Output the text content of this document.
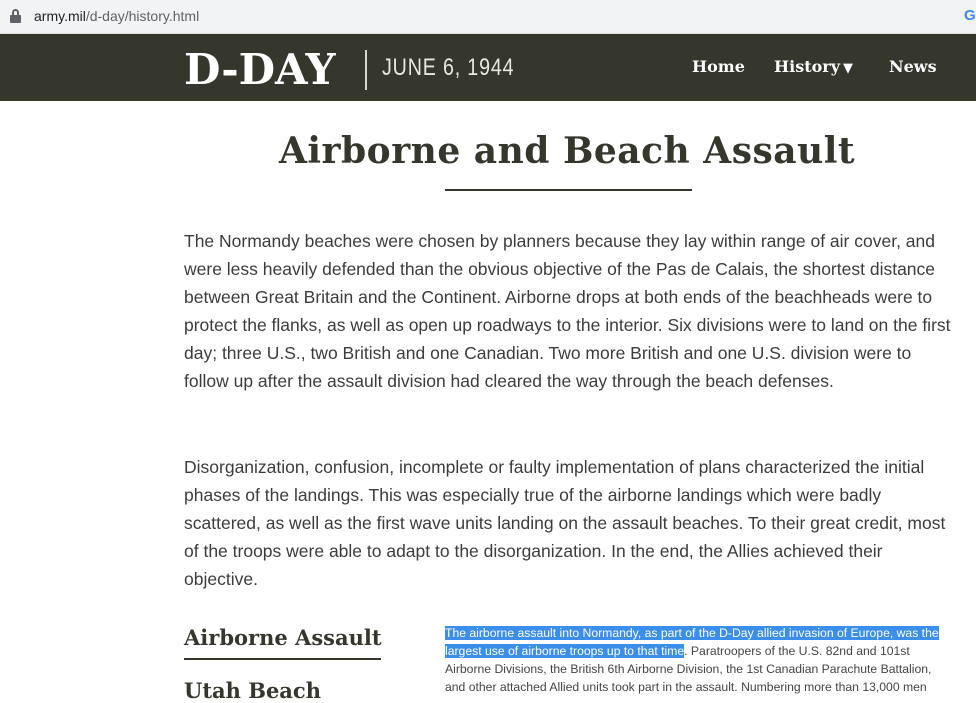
army.mil/d-day/history.html	G
D-DAY JUNE 6, 1944	Home History ▼ News
Airborne and Beach Assault

The Normandy beaches were chosen by planners because they lay within range of air cover, and were less heavily defended than the obvious objective of the Pas de Calais, the shortest distance between Great Britain and the Continent. Airborne drops at both ends of the beachheads were to protect the flanks, as well as open up roadways to the interior. Six divisions were to land on the first day; three U.S., two British and one Canadian. Two more British and one U.S. division were to follow up after the assault division had cleared the way through the beach defenses.

Disorganization, confusion, incomplete or faulty implementation of plans characterized the initial phases of the landings. This was especially true of the airborne landings which were badly scattered, as well as the first wave units landing on the assault beaches. To their great credit, most of the troops were able to adapt to the disorganization. In the end, the Allies achieved their objective.

Airborne Assault
Utah Beach
The airborne assault into Normandy, as part of the D-Day allied invasion of Europe, was the largest use of airborne troops up to that time. Paratroopers of the U.S. 82nd and 101st Airborne Divisions, the British 6th Airborne Division, the 1st Canadian Parachute Battalion, and other attached Allied units took part in the assault. Numbering more than 13,000 men
